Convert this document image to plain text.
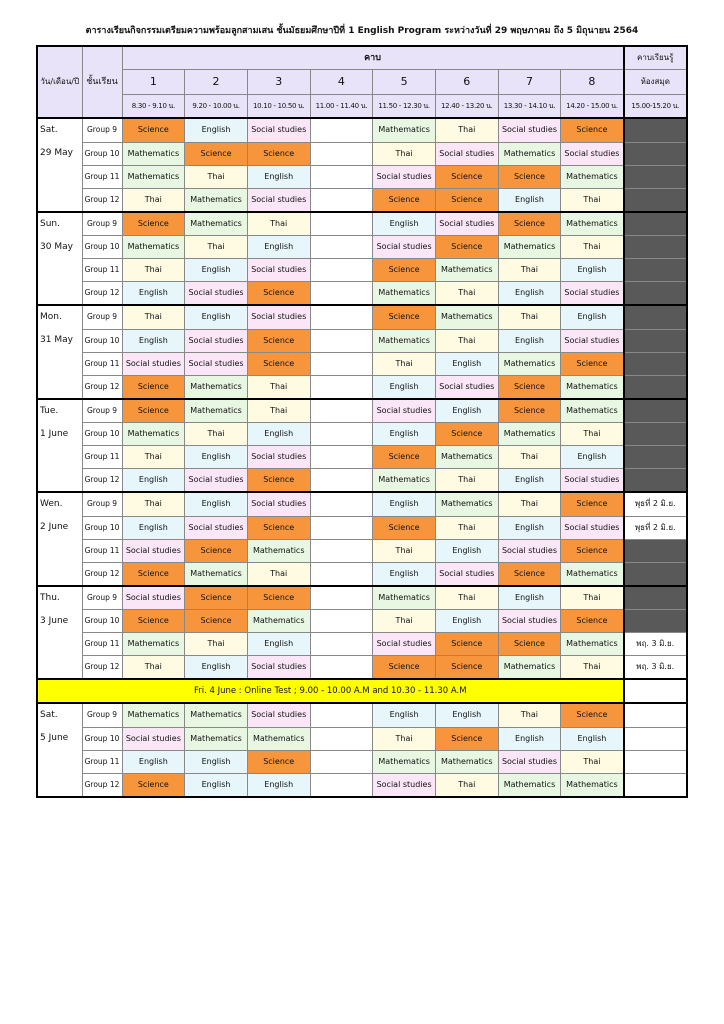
ตารางเรียนกิจกรรมเตรียมความพร้อมลูกสามเสน ชั้นมัธยมศึกษาปีที่ 1 English Program ระหว่างวันที่ 29 พฤษภาคม ถึง 5 มิถุนายน 2564
วัน/เดือน/ปี	ชั้นเรียน	คาบ								คาบเรียนรู้
		1	2	3	4	5	6	7	8	ห้องสมุด
		8.30 - 9.10 น.	9.20 - 10.00 น.	10.10 - 10.50 น.	11.00 - 11.40 น.	11.50 - 12.30 น.	12.40 - 13.20 น.	13.30 - 14.10 น.	14.20 - 15.00 น.	15.00-15.20 น.
Sat.	Group 9	Science	English	Social studies		Mathematics	Thai	Social studies	Science	
29 May	Group 10	Mathematics	Science	Science		Thai	Social studies	Mathematics	Social studies	
	Group 11	Mathematics	Thai	English		Social studies	Science	Science	Mathematics	
	Group 12	Thai	Mathematics	Social studies		Science	Science	English	Thai	
Sun.	Group 9	Science	Mathematics	Thai		English	Social studies	Science	Mathematics	
30 May	Group 10	Mathematics	Thai	English		Social studies	Science	Mathematics	Thai	
	Group 11	Thai	English	Social studies		Science	Mathematics	Thai	English	
	Group 12	English	Social studies	Science		Mathematics	Thai	English	Social studies	
Mon.	Group 9	Thai	English	Social studies		Science	Mathematics	Thai	English	
31 May	Group 10	English	Social studies	Science		Mathematics	Thai	English	Social studies	
	Group 11	Social studies	Social studies	Science		Thai	English	Mathematics	Science	
	Group 12	Science	Mathematics	Thai		English	Social studies	Science	Mathematics	
Tue.	Group 9	Science	Mathematics	Thai		Social studies	English	Science	Mathematics	
1 June	Group 10	Mathematics	Thai	English		English	Science	Mathematics	Thai	
	Group 11	Thai	English	Social studies		Science	Mathematics	Thai	English	
	Group 12	English	Social studies	Science		Mathematics	Thai	English	Social studies	
Wen.	Group 9	Thai	English	Social studies		English	Mathematics	Thai	Science	พุธที่ 2 มิ.ย.
2 June	Group 10	English	Social studies	Science		Science	Thai	English	Social studies	พุธที่ 2 มิ.ย.
	Group 11	Social studies	Science	Mathematics		Thai	English	Social studies	Science	
	Group 12	Science	Mathematics	Thai		English	Social studies	Science	Mathematics	
Thu.	Group 9	Social studies	Science	Science		Mathematics	Thai	English	Thai	
3 June	Group 10	Science	Science	Mathematics		Thai	English	Social studies	Science	
	Group 11	Mathematics	Thai	English		Social studies	Science	Science	Mathematics	พฤ. 3 มิ.ย.
	Group 12	Thai	English	Social studies		Science	Science	Mathematics	Thai	พฤ. 3 มิ.ย.
Fri. 4 June : Online Test ; 9.00 - 10.00 A.M and 10.30 - 11.30 A.M										
Sat.	Group 9	Mathematics	Mathematics	Social studies		English	English	Thai	Science	
5 June	Group 10	Social studies	Mathematics	Mathematics		Thai	Science	English	English	
	Group 11	English	English	Science		Mathematics	Mathematics	Social studies	Thai	
	Group 12	Science	English	English		Social studies	Thai	Mathematics	Mathematics	
